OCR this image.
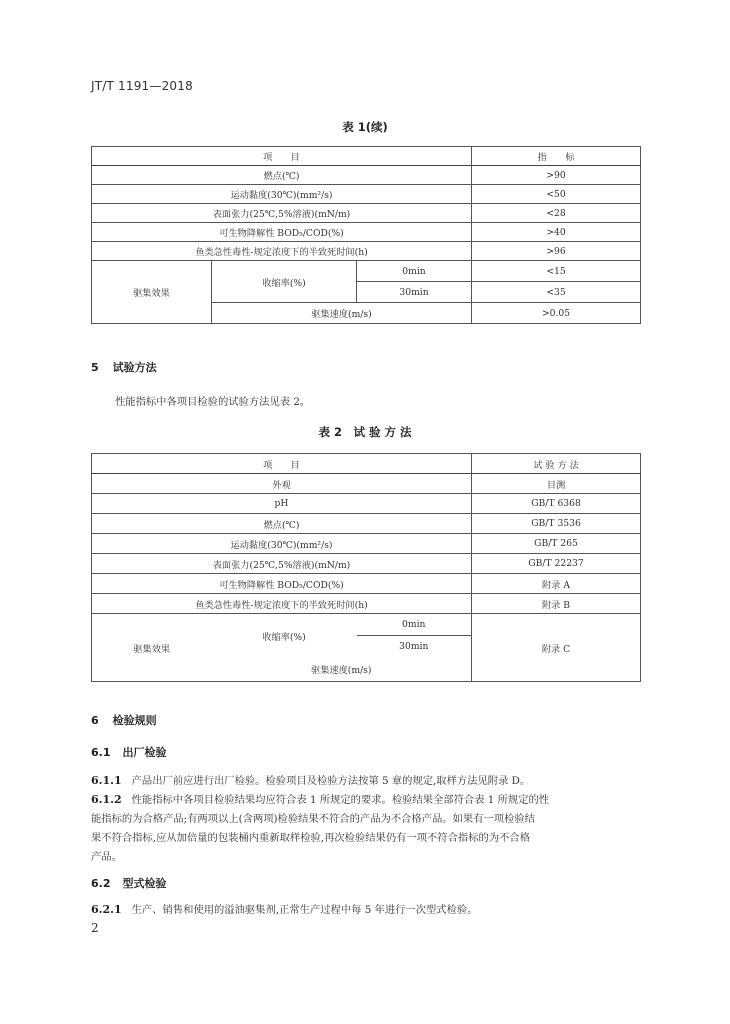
JT/T 1191—2018
表 1(续)
项　　目			指　　标
燃点(℃)			>90
运动黏度(30℃)(mm²/s)			<50
表面张力(25℃,5%溶液)(mN/m)			<28
可生物降解性 BOD₅/COD(%)			>40
鱼类急性毒性-规定浓度下的半致死时间(h)			>96
驱集效果	收缩率(%)	0min	<15
		30min	<35
	驱集速度(m/s)		>0.05
5 试验方法
性能指标中各项目检验的试验方法见表 2。
表 2　试 验 方 法
项　　目			试 验 方 法
外观			目测
pH			GB/T 6368
燃点(℃)			GB/T 3536
运动黏度(30℃)(mm²/s)			GB/T 265
表面张力(25℃,5%溶液)(mN/m)			GB/T 22237
可生物降解性 BOD₅/COD(%)			附录 A
鱼类急性毒性-规定浓度下的半致死时间(h)			附录 B
驱集效果	收缩率(%)	0min	附录 C
		30min	
	驱集速度(m/s)		
6 检验规则
6.1 出厂检验
6.1.1 产品出厂前应进行出厂检验。检验项目及检验方法按第 5 章的规定,取样方法见附录 D。
6.1.2 性能指标中各项目检验结果均应符合表 1 所规定的要求。检验结果全部符合表 1 所规定的性
能指标的为合格产品;有两项以上(含两项)检验结果不符合的产品为不合格产品。如果有一项检验结
果不符合指标,应从加倍量的包装桶内重新取样检验,再次检验结果仍有一项不符合指标的为不合格
产品。
6.2 型式检验
6.2.1 生产、销售和使用的溢油驱集剂,正常生产过程中每 5 年进行一次型式检验。
2
